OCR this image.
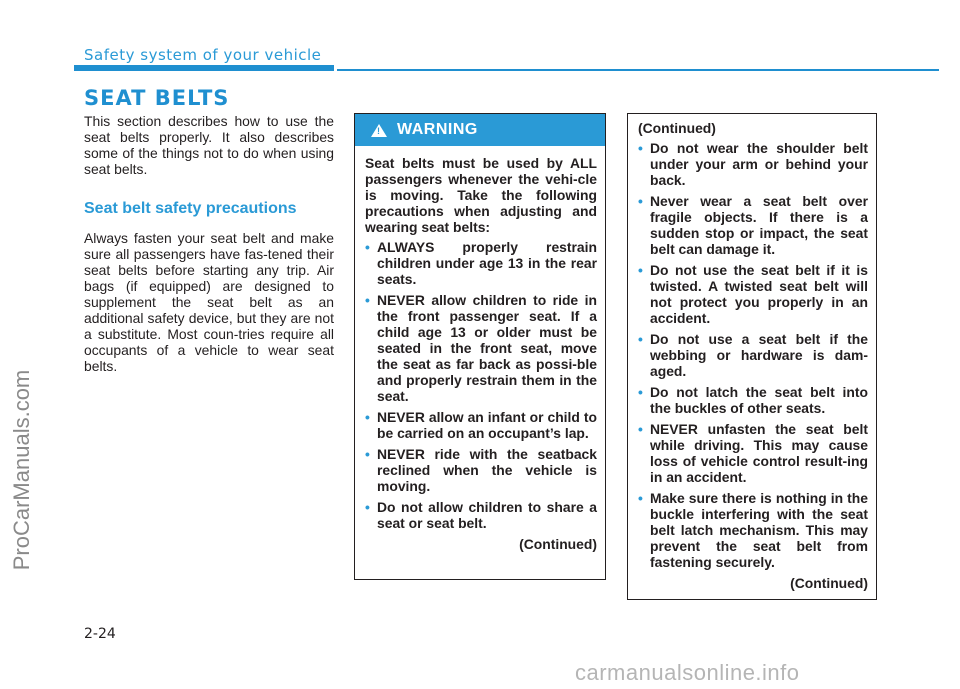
Safety system of your vehicle
SEAT BELTS

This section describes how to use the seat belts properly. It also describes some of the things not to do when using seat belts.

Seat belt safety precautions

Always fasten your seat belt and make sure all passengers have fas-tened their seat belts before starting any trip. Air bags (if equipped) are designed to supplement the seat belt as an additional safety device, but they are not a substitute. Most coun-tries require all occupants of a vehicle to wear seat belts.

ProCarManuals.com
!
WARNING

Seat belts must be used by ALL passengers whenever the vehi-cle is moving. Take the following precautions when adjusting and wearing seat belts:

• ALWAYS properly restrain children under age 13 in the rear seats.
• NEVER allow children to ride in the front passenger seat. If a child age 13 or older must be seated in the front seat, move the seat as far back as possi-ble and properly restrain them in the seat.
• NEVER allow an infant or child to be carried on an occupant’s lap.
• NEVER ride with the seatback reclined when the vehicle is moving.
• Do not allow children to share a seat or seat belt.

(Continued)

(Continued)

• Do not wear the shoulder belt under your arm or behind your back.
• Never wear a seat belt over fragile objects. If there is a sudden stop or impact, the seat belt can damage it.
• Do not use the seat belt if it is twisted. A twisted seat belt will not protect you properly in an accident.
• Do not use a seat belt if the webbing or hardware is dam-aged.
• Do not latch the seat belt into the buckles of other seats.
• NEVER unfasten the seat belt while driving. This may cause loss of vehicle control result-ing in an accident.
• Make sure there is nothing in the buckle interfering with the seat belt latch mechanism. This may prevent the seat belt from fastening securely.

(Continued)

2-24
carmanualsonline.info
